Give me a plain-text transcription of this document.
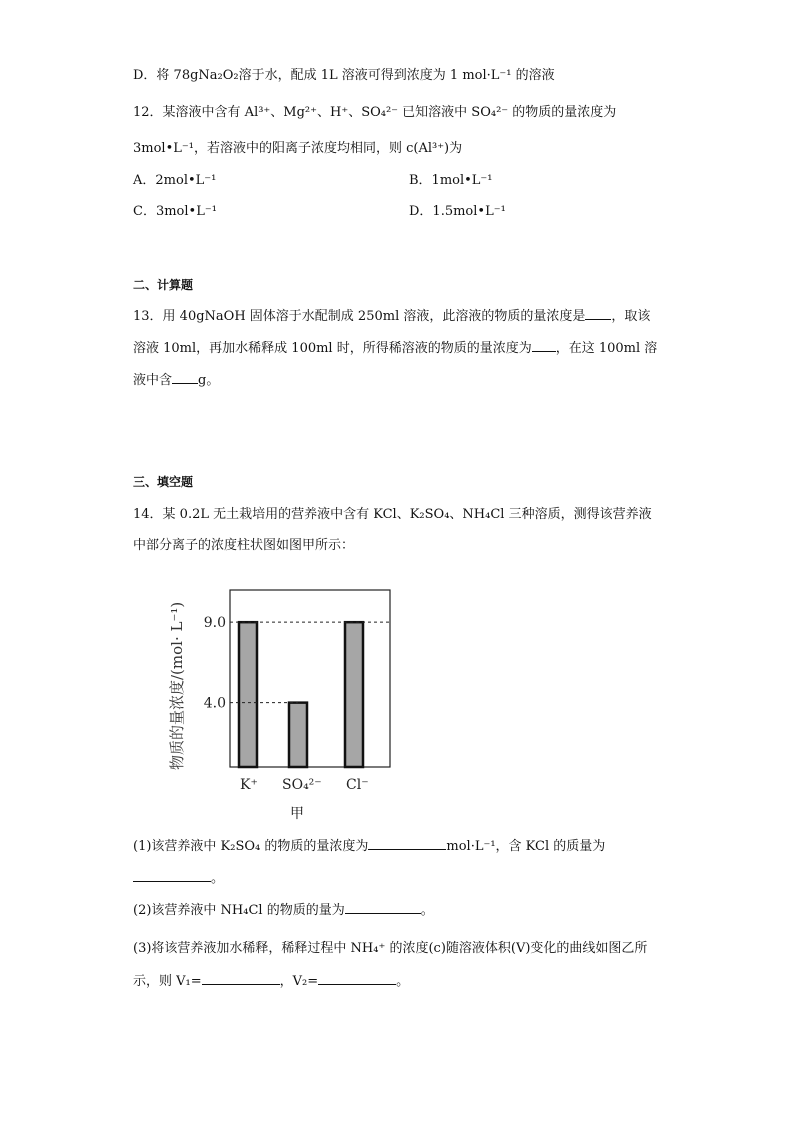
D．将 78gNa₂O₂溶于水，配成 1L 溶液可得到浓度为 1 mol·L⁻¹ 的溶液
12．某溶液中含有 Al³⁺、Mg²⁺、H⁺、SO₄²⁻ 已知溶液中 SO₄²⁻ 的物质的量浓度为
3mol•L⁻¹，若溶液中的阳离子浓度均相同，则 c(Al³⁺)为
A．2mol•L⁻¹	B．1mol•L⁻¹
C．3mol•L⁻¹	D．1.5mol•L⁻¹
二、计算题
13．用 40gNaOH 固体溶于水配制成 250ml 溶液，此溶液的物质的量浓度是 ，取该
溶液 10ml，再加水稀释成 100ml 时，所得稀溶液的物质的量浓度为 ，在这 100ml 溶
液中含 g。
三、填空题
14．某 0.2L 无土栽培用的营养液中含有 KCl、K₂SO₄、NH₄Cl 三种溶质，测得该营养液
中部分离子的浓度柱状图如图甲所示：
9.0
4.0
K⁺ SO₄²⁻ Cl⁻
物质的量浓度/(mol· L⁻¹)
甲
(1)该营养液中 K₂SO₄ 的物质的量浓度为	mol·L⁻¹，含 KCl 的质量为
。
(2)该营养液中 NH₄Cl 的物质的量为	。
(3)将该营养液加水稀释，稀释过程中 NH₄⁺ 的浓度(c)随溶液体积(V)变化的曲线如图乙所
示，则 V₁=	，V₂=	。
